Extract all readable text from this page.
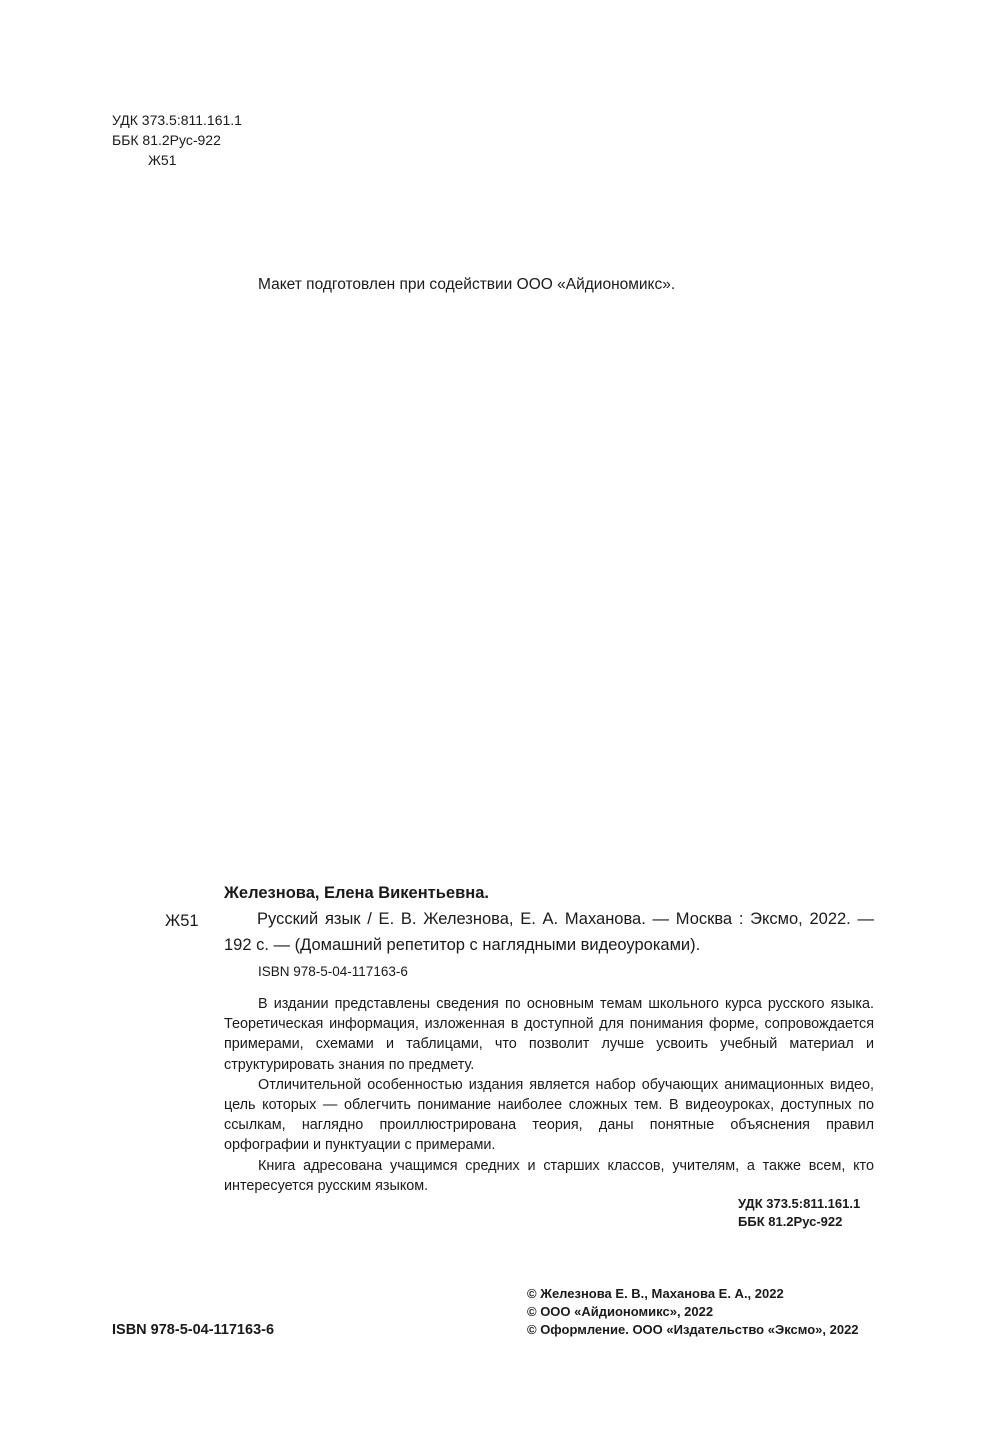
УДК 373.5:811.161.1
ББК 81.2Рус-922
Ж51
Макет подготовлен при содействии ООО «Айдиономикс».
Железнова, Елена Викентьевна.
Ж51	Русский язык / Е. В. Железнова, Е. А. Маханова. — Москва : Эксмо, 2022. — 192 с. — (Домашний репетитор с наглядными видеоуроками).

ISBN 978-5-04-117163-6

В издании представлены сведения по основным темам школьного курса русского языка. Теоретическая информация, изложенная в доступной для понимания форме, сопровождается примерами, схемами и таблицами, что позволит лучше усвоить учебный материал и структурировать знания по предмету.

Отличительной особенностью издания является набор обучающих анимационных видео, цель которых — облегчить понимание наиболее сложных тем. В видеоуроках, доступных по ссылкам, наглядно проиллюстрирована теория, даны понятные объяснения правил орфографии и пунктуации с примерами.

Книга адресована учащимся средних и старших классов, учителям, а также всем, кто интересуется русским языком.

УДК 373.5:811.161.1
ББК 81.2Рус-922
ISBN 978-5-04-117163-6
© Железнова Е. В., Маханова Е. А., 2022
© ООО «Айдиономикс», 2022
© Оформление. ООО «Издательство «Эксмо», 2022
